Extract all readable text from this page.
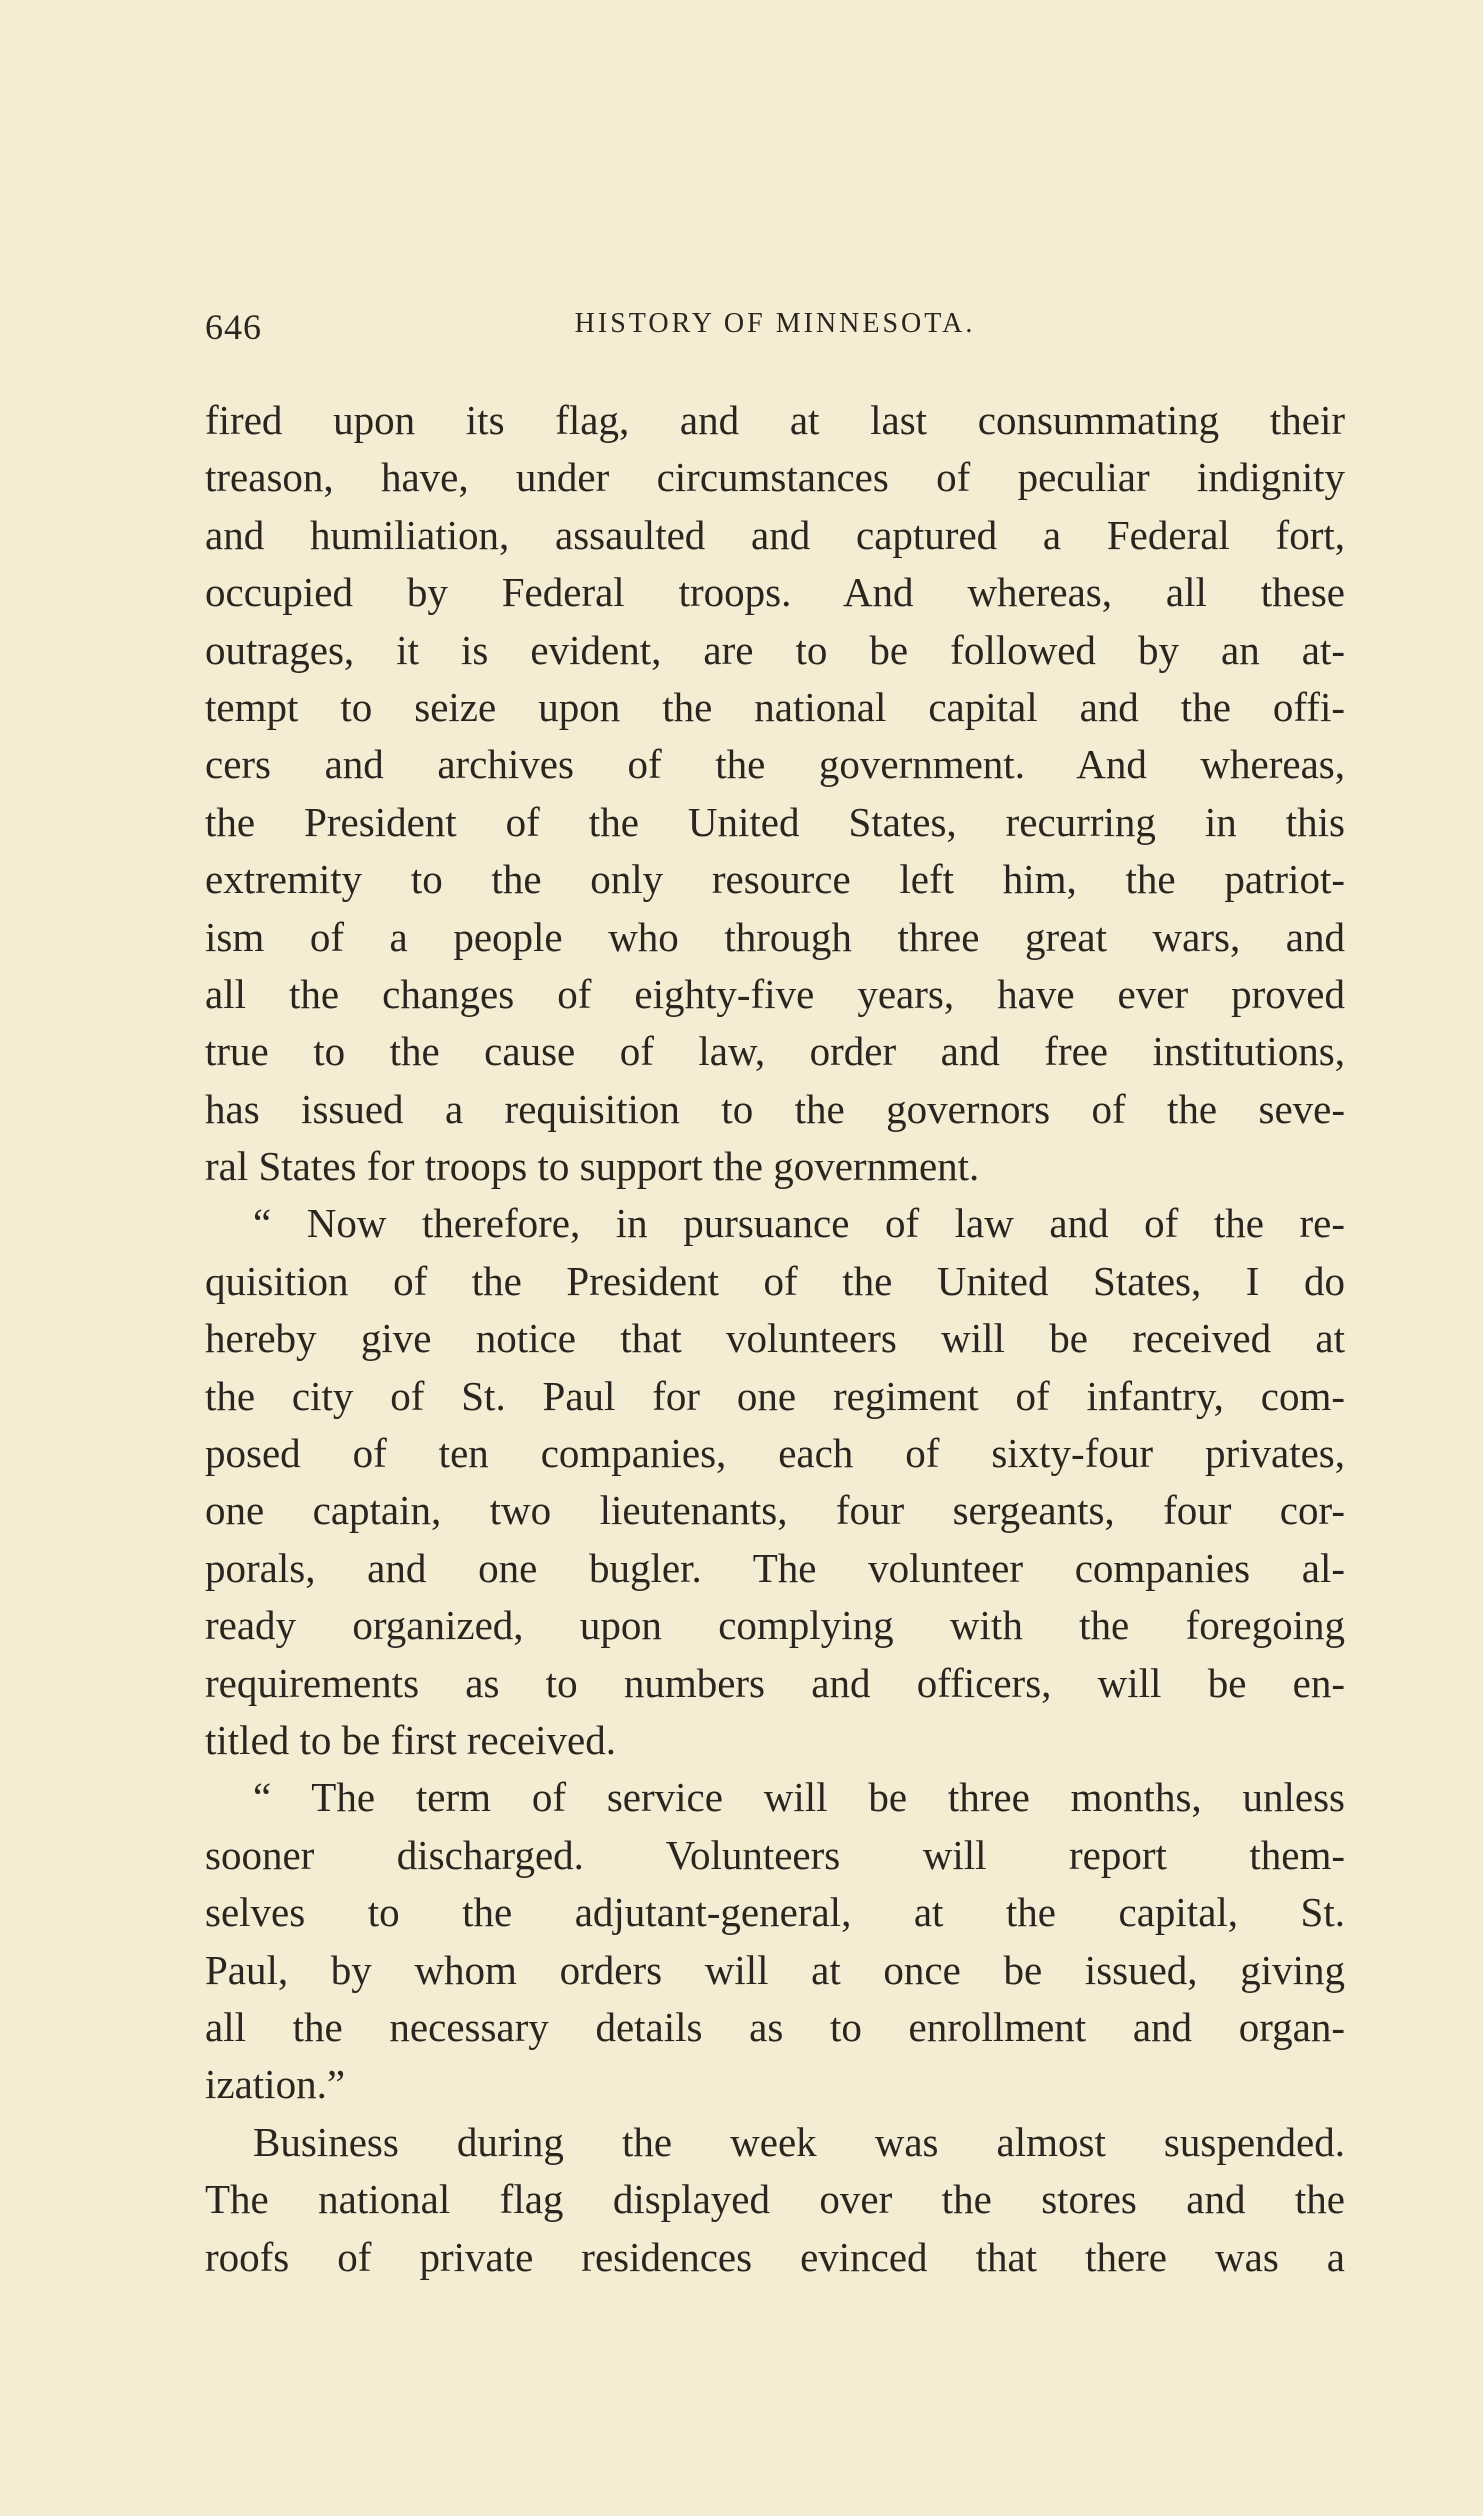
646	HISTORY OF MINNESOTA.
fired upon its flag, and at last consummating their
treason, have, under circumstances of peculiar indignity
and humiliation, assaulted and captured a Federal fort,
occupied by Federal troops. And whereas, all these
outrages, it is evident, are to be followed by an at-
tempt to seize upon the national capital and the offi-
cers and archives of the government. And whereas,
the President of the United States, recurring in this
extremity to the only resource left him, the patriot-
ism of a people who through three great wars, and
all the changes of eighty-five years, have ever proved
true to the cause of law, order and free institutions,
has issued a requisition to the governors of the seve-
ral States for troops to support the government.
“ Now therefore, in pursuance of law and of the re-
quisition of the President of the United States, I do
hereby give notice that volunteers will be received at
the city of St. Paul for one regiment of infantry, com-
posed of ten companies, each of sixty-four privates,
one captain, two lieutenants, four sergeants, four cor-
porals, and one bugler. The volunteer companies al-
ready organized, upon complying with the foregoing
requirements as to numbers and officers, will be en-
titled to be first received.
“ The term of service will be three months, unless
sooner discharged. Volunteers will report them-
selves to the adjutant-general, at the capital, St.
Paul, by whom orders will at once be issued, giving
all the necessary details as to enrollment and organ-
ization.”
Business during the week was almost suspended.
The national flag displayed over the stores and the
roofs of private residences evinced that there was a
